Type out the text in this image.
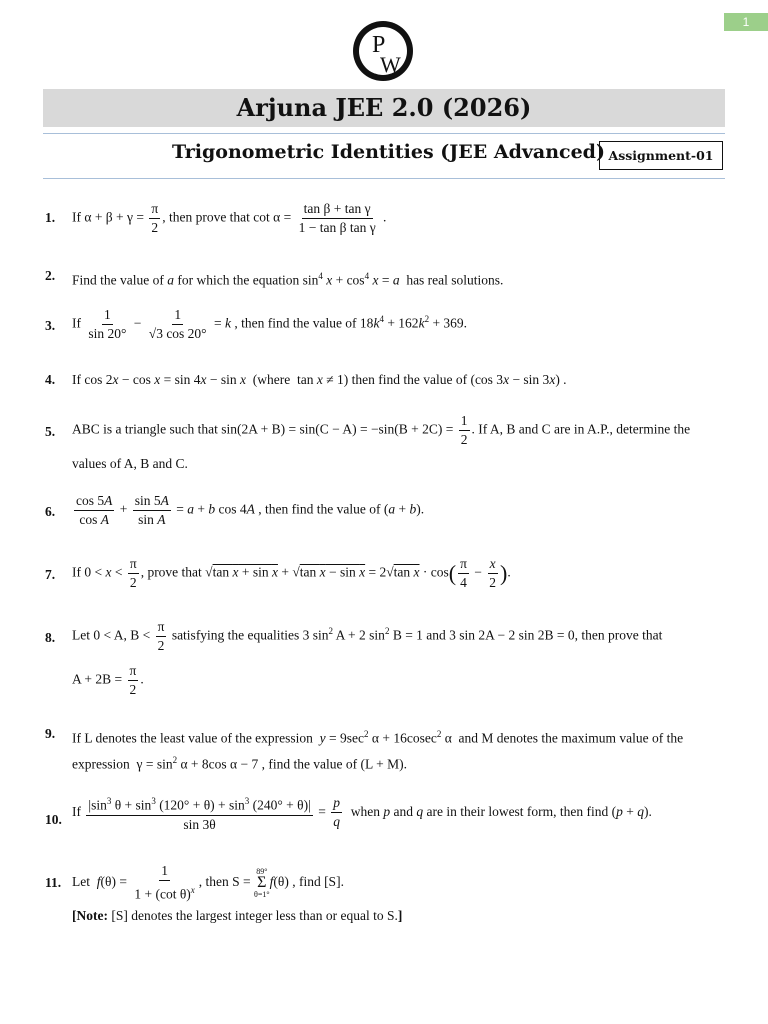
1
P
W
Arjuna JEE 2.0 (2026)
Trigonometric Identities (JEE Advanced) Assignment-01
1. If $\alpha + \beta + \gamma = \frac{\pi}{2}$ , then prove that $\cot \alpha = \frac{\text{tan β + tan γ}}{\text{1 − tan β tan γ}}$ .
2. Find the value of a for which the equation $\sin^4 x + \cos^4 x = a$  has real solutions.
3. If $\frac{1}{\sin 20^\circ} - \frac{1}{√3 \cos 20^\circ} = k$ , then find the value of $18k^4 + 162k^2 + 369$.
4. If cos 2x − cos x = sin 4x − sin x  (where  tan x ≠ 1) then find the value of (cos 3x − sin 3x) .
5. ABC is a triangle such that $\sin(2A + B) = \sin(C - A) = -\sin(B + 2C) = \frac{1}{2}$ . If A, B and C are in A.P., determine the
values of A, B and C.
6. $\frac{\cos 5A}{\text{cos A}} + \frac{\sin 5A}{\text{sin A}} = a + b$ cos 4A , then find the value of (a + b).
7. If $0 < x < \frac{\pi}{2}$ , prove that √tan x + sin x + √tan x − sin x = 2√tan $x \cdot \cos( \frac{\pi}{4} - \frac{x}{2}$ ).
8. Let 0 < A, $B < \frac{\pi}{2}$ satisfying the equalities 3 $\sin^2 A + 2$ $\sin^2 B = 1$ and 3 sin 2A − 2 sin 2B = 0, then prove that
$A + 2B = \frac{\pi}{2}$ .
9. If L denotes the least value of the expression  $y = 9\sec^2$ α + 16cosec$^2$ α  and M denotes the maximum value of the
expression  $\gamma = \sin^2 \alpha + 8\cos$ α − 7 , find the value of (L + M).
10.
If $\frac{|\sin^3 \theta + \sin^3 (120^\circ + \theta) + \sin^3 (240^\circ + \theta)|}{\sin 3\theta} = \frac{p}{q}$ when p and q are in their lowest form, then find (p + q).
11. Let  $f(\theta) = \frac{1}{1 + (\cot \theta)^x}$ , then S =
89°
Σ
θ=1°
f(θ) , find [S].
[Note: [S] denotes the largest integer less than or equal to S.]
